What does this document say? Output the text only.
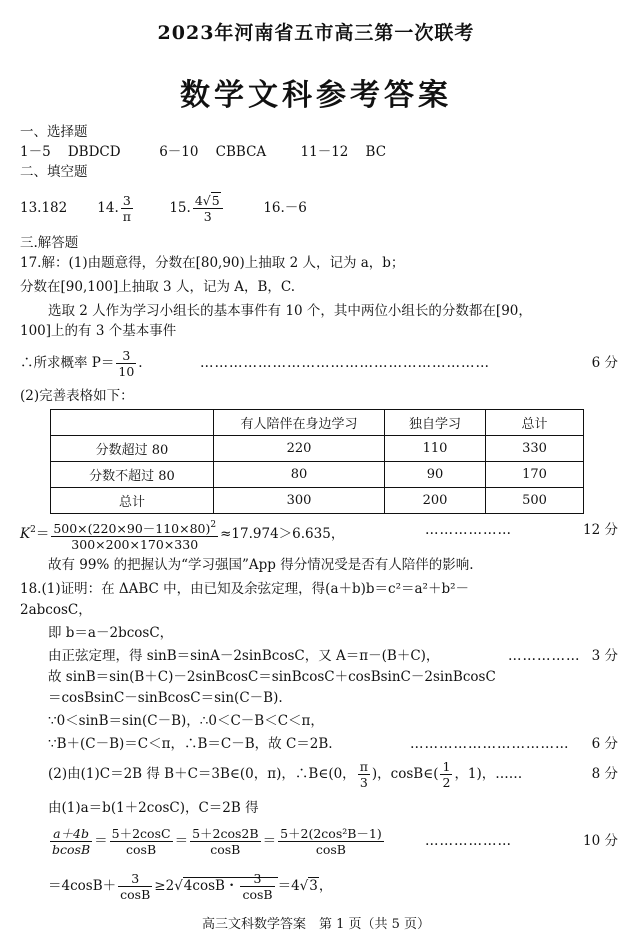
2023年河南省五市高三第一次联考
数学文科参考答案
一、选择题
1－5 DBDCD	6－10 CBBCA	11－12 BC
二、填空题
13.182 14. $\frac{3}{\pi}$	15. $\frac{4√5}{3}$	16.－6
三.解答题
17.解：(1)由题意得，分数在[80,90)上抽取 2 人，记为 a，b；
分数在[90,100]上抽取 3 人，记为 A，B，C.
选取 2 人作为学习小组长的基本事件有 10 个，其中两位小组长的分数都在[90，
100]上的有 3 个基本事件
∴所求概率 $P= \frac{3}{10}$ .	……………………………………………………	6 分
(2)完善表格如下：
	有人陪伴在身边学习	独自学习	总计
分数超过 80	220	110	330
分数不超过 80	80	90	170
总计	300	200	500
$K^2= \frac{500\times(220\times 90-110\times 80)^2}{300\times 200\times 170\times 330} \approx 17.974>6.635$，	………………	12 分
故有 99% 的把握认为“学习强国”App 得分情况受是否有人陪伴的影响.
18.(1)证明：在 ΔABC 中，由已知及余弦定理，得(a＋b)b＝c²＝a²＋b²－
2abcosC，
即 b＝a－2bcosC，
由正弦定理，得 sinB＝sinA－2sinBcosC，又 A＝π－(B＋C)，	…………… 3 分
故 sinB＝sin(B＋C)－2sinBcosC＝sinBcosC＋cosBsinC－2sinBcosC
＝cosBsinC－sinBcosC＝sin(C－B).
∵0＜sinB＝sin(C－B)，∴0＜C－B＜C＜π，
∵B＋(C－B)＝C＜π，∴B＝C－B，故 C＝2B.	…………………………… 6 分
(2)由(1)C＝2B 得 B＋C＝3B∈(0，π)，∴B∈(0， $\frac{\pi}{3}$ )，cosB∈( $\frac{1}{2}$ ，1)，……	8 分
由(1)a＝b(1＋2cosC)，C＝2B 得
$\frac{a+4b}{bcosB} = \frac{5+2\cos C}{\cos B} = \frac{5+2\cos 2B}{\cos B} = \frac{\text{5＋2(2cos²B－1)}}{\cos B}$	………………	10 分
$=4\cos B+ \frac{3}{\cos B} \ge 2√4\cos B$・ $\frac{3}{\cos B} =4√3$，
高三文科数学答案　第 1 页（共 5 页）
